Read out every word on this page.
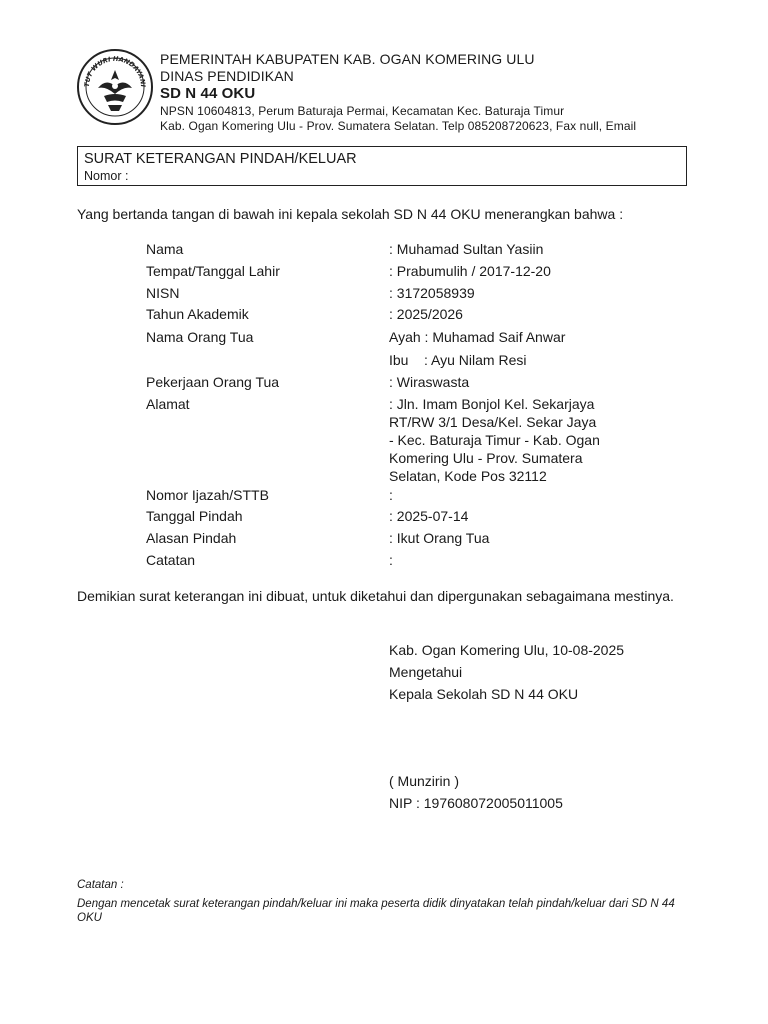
TUT WURI HANDAYANI
PEMERINTAH KABUPATEN KAB. OGAN KOMERING ULU
DINAS PENDIDIKAN
SD N 44 OKU
NPSN 10604813, Perum Baturaja Permai, Kecamatan Kec. Baturaja Timur
Kab. Ogan Komering Ulu - Prov. Sumatera Selatan. Telp 085208720623, Fax null, Email
SURAT KETERANGAN PINDAH/KELUAR
Nomor :
Yang bertanda tangan di bawah ini kepala sekolah SD N 44 OKU menerangkan bahwa :
Nama	: Muhamad Sultan Yasiin
Tempat/Tanggal Lahir	: Prabumulih / 2017-12-20
NISN	: 3172058939
Tahun Akademik	: 2025/2026
Nama Orang Tua	Ayah : Muhamad Saif Anwar
Ibu    : Ayu Nilam Resi
Pekerjaan Orang Tua	: Wiraswasta
Alamat	: Jln. Imam Bonjol Kel. Sekarjaya
RT/RW 3/1 Desa/Kel. Sekar Jaya
- Kec. Baturaja Timur - Kab. Ogan
Komering Ulu - Prov. Sumatera
Selatan, Kode Pos 32112
Nomor Ijazah/STTB	:
Tanggal Pindah	: 2025-07-14
Alasan Pindah	: Ikut Orang Tua
Catatan	:
Demikian surat keterangan ini dibuat, untuk diketahui dan dipergunakan sebagaimana mestinya.
Kab. Ogan Komering Ulu, 10-08-2025
Mengetahui
Kepala Sekolah SD N 44 OKU
( Munzirin )
NIP : 197608072005011005
Catatan :
Dengan mencetak surat keterangan pindah/keluar ini maka peserta didik dinyatakan telah pindah/keluar dari SD N 44 OKU
